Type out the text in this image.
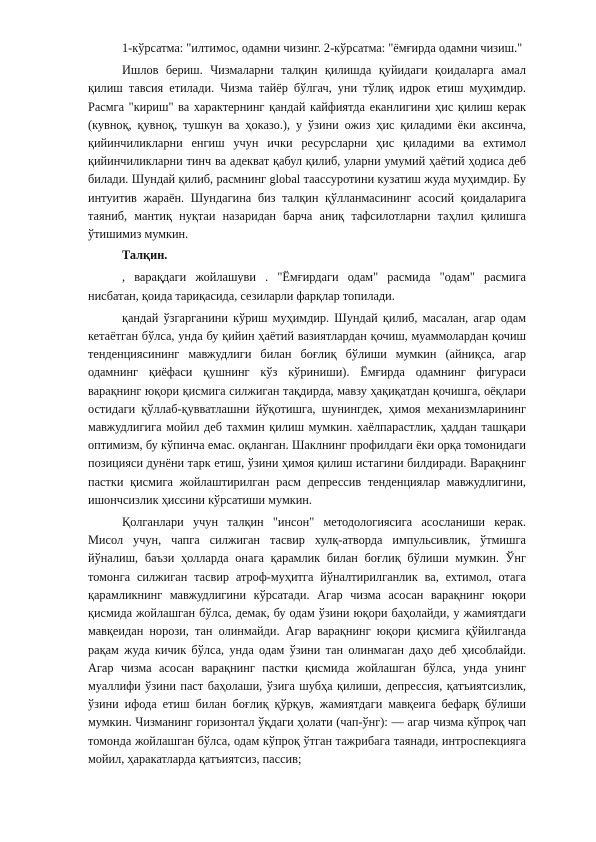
1-кўрсатма: "илтимос, одамни чизинг. 2-кўрсатма: "ёмғирда одамни чизиш."

Ишлов бериш. Чизмаларни талқин қилишда қуйидаги қоидаларга амал қилиш тавсия етилади. Чизма тайёр бўлгач, уни тўлиқ идрок етиш муҳимдир. Расмга "кириш" ва характернинг қандай кайфиятда еканлигини ҳис қилиш керак (кувноқ, қувноқ, тушкун ва ҳоказо.), у ўзини ожиз ҳис қиладими ёки аксинча, қийинчиликларни енгиш учун ички ресурсларни ҳис қиладими ва ехтимол қийинчиликларни тинч ва адекват қабул қилиб, уларни умумий ҳаётий ҳодиса деб билади. Шундай қилиб, расмнинг global таассуротини кузатиш жуда муҳимдир. Бу интуитив жараён. Шундагина биз талқин қўлланмасининг асосий қоидаларига таяниб, мантиқ нуқтаи назаридан барча аниқ тафсилотларни таҳлил қилишга ўтишимиз мумкин.

Талқин.

, варақдаги жойлашуви . "Ёмғирдаги одам" расмида "одам" расмига нисбатан, қоида тариқасида, сезиларли фарқлар топилади.

қандай ўзгарганини кўриш муҳимдир. Шундай қилиб, масалан, агар одам кетаётган бўлса, унда бу қийин ҳаётий вазиятлардан қочиш, муаммолардан қочиш тенденциясининг мавжудлиги билан боғлиқ бўлиши мумкин (айниқса, агар одамнинг қиёфаси қушнинг кўз кўриниши). Ёмғирда одамнинг фигураси варақнинг юқори қисмига силжиган тақдирда, мавзу ҳақиқатдан қочишга, оёқлари остидаги қўллаб-қувватлашни йўқотишга, шунингдек, ҳимоя механизмларининг мавжудлигига мойил деб тахмин қилиш мумкин. хаёлпарастлик, ҳаддан ташқари оптимизм, бу кўпинча емас. оқланган. Шаклнинг профилдаги ёки орқа томонидаги позицияси дунёни тарк етиш, ўзини ҳимоя қилиш истагини билдиради. Варақнинг пастки қисмига жойлаштирилган расм депрессив тенденциялар мавжудлигини, ишончсизлик ҳиссини кўрсатиши мумкин.

Қолганлари учун талқин "инсон" методологиясига асосланиши керак. Мисол учун, чапга силжиган тасвир хулқ-атворда импульсивлик, ўтмишга йўналиш, баъзи ҳолларда онага қарамлик билан боғлиқ бўлиши мумкин. Ўнг томонга силжиган тасвир атроф-муҳитга йўналтирилганлик ва, ехтимол, отага қарамликнинг мавжудлигини кўрсатади. Агар чизма асосан варақнинг юқори қисмида жойлашган бўлса, демак, бу одам ўзини юқори баҳолайди, у жамиятдаги мавқеидан норози, тан олинмайди. Агар варақнинг юқори қисмига қўйилганда рақам жуда кичик бўлса, унда одам ўзини тан олинмаган даҳо деб ҳисоблайди. Агар чизма асосан варақнинг пастки қисмида жойлашган бўлса, унда унинг муаллифи ўзини паст баҳолаши, ўзига шубҳа қилиши, депрессия, қатъиятсизлик, ўзини ифода етиш билан боғлиқ қўрқув, жамиятдаги мавқеига бефарқ бўлиши мумкин. Чизманинг горизонтал ўқдаги ҳолати (чап-ўнг): — агар чизма кўпроқ чап томонда жойлашган бўлса, одам кўпроқ ўтган тажрибага таянади, интроспекцияга мойил, ҳаракатларда қатъиятсиз, пассив;
